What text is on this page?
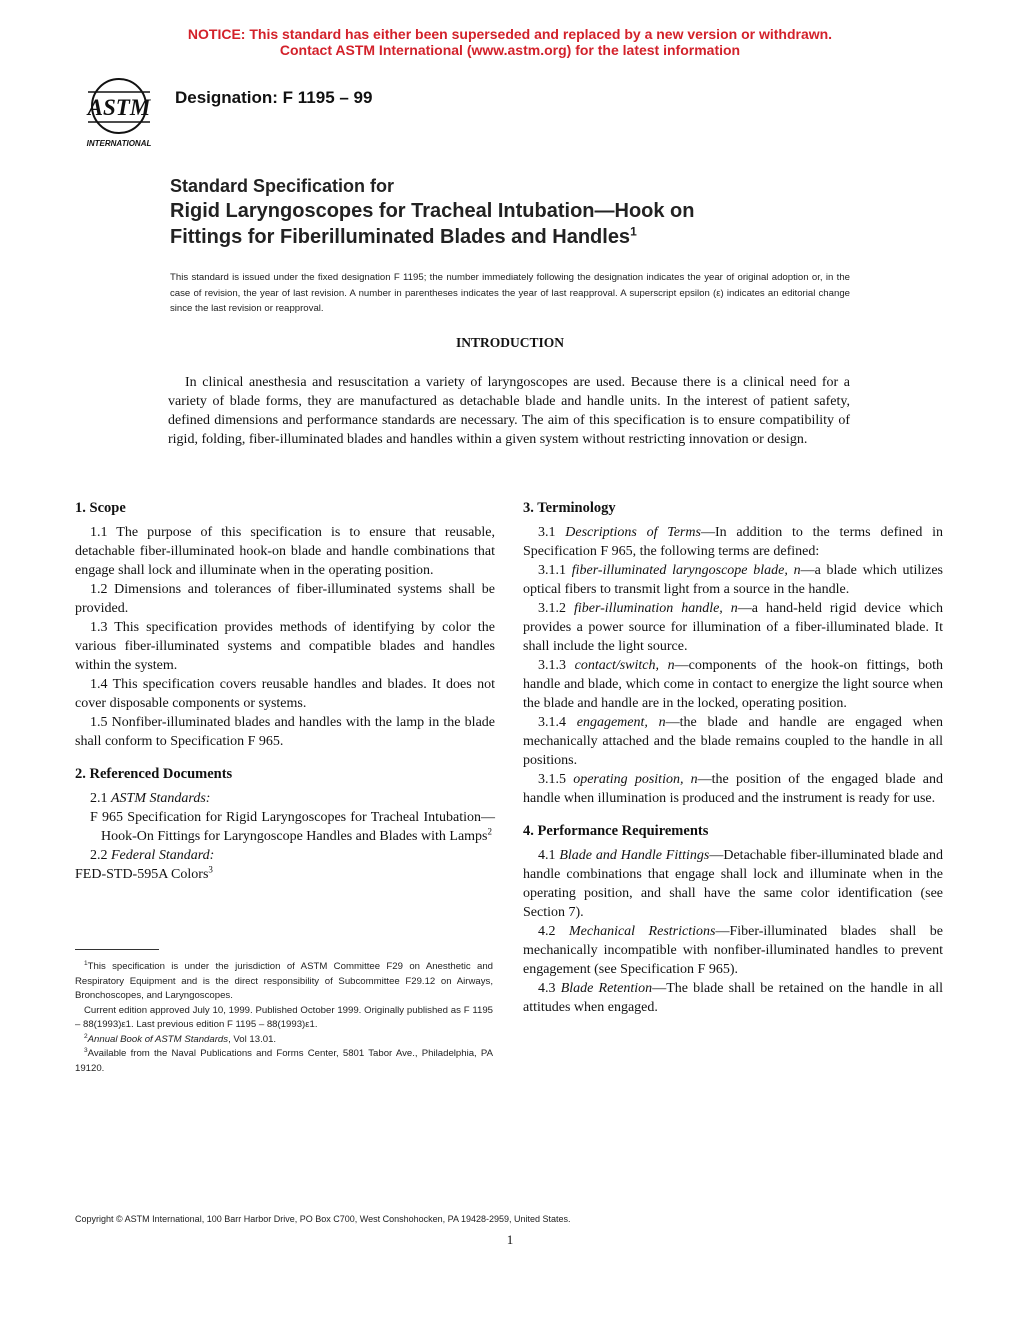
NOTICE: This standard has either been superseded and replaced by a new version or withdrawn.
Contact ASTM International (www.astm.org) for the latest information
ASTM
INTERNATIONAL
Designation: F 1195 – 99
Standard Specification for
Rigid Laryngoscopes for Tracheal Intubation—Hook on
Fittings for Fiberilluminated Blades and Handles$^1$
This standard is issued under the fixed designation F 1195; the number immediately following the designation indicates the year of original adoption or, in the case of revision, the year of last revision. A number in parentheses indicates the year of last reapproval. A superscript epsilon (ε) indicates an editorial change since the last revision or reapproval.
INTRODUCTION
In clinical anesthesia and resuscitation a variety of laryngoscopes are used. Because there is a clinical need for a variety of blade forms, they are manufactured as detachable blade and handle units. In the interest of patient safety, defined dimensions and performance standards are necessary. The aim of this specification is to ensure compatibility of rigid, folding, fiber-illuminated blades and handles within a given system without restricting innovation or design.
1. Scope

1.1 The purpose of this specification is to ensure that reusable, detachable fiber-illuminated hook-on blade and handle combinations that engage shall lock and illuminate when in the operating position.

1.2 Dimensions and tolerances of fiber-illuminated systems shall be provided.

1.3 This specification provides methods of identifying by color the various fiber-illuminated systems and compatible blades and handles within the system.

1.4 This specification covers reusable handles and blades. It does not cover disposable components or systems.

1.5 Nonfiber-illuminated blades and handles with the lamp in the blade shall conform to Specification F 965.

2. Referenced Documents

2.1 ASTM Standards:

F 965 Specification for Rigid Laryngoscopes for Tracheal Intubation—Hook-On Fittings for Laryngoscope Handles and Blades with Lamps$^2$

2.2 Federal Standard:

FED-STD-595A Colors$^3$

3. Terminology

3.1 Descriptions of Terms—In addition to the terms defined in Specification F 965, the following terms are defined:

3.1.1 fiber-illuminated laryngoscope blade, n—a blade which utilizes optical fibers to transmit light from a source in the handle.

3.1.2 fiber-illumination handle, n—a hand-held rigid device which provides a power source for illumination of a fiber-illuminated blade. It shall include the light source.

3.1.3 contact/switch, n—components of the hook-on fittings, both handle and blade, which come in contact to energize the light source when the blade and handle are in the locked, operating position.

3.1.4 engagement, n—the blade and handle are engaged when mechanically attached and the blade remains coupled to the handle in all positions.

3.1.5 operating position, n—the position of the engaged blade and handle when illumination is produced and the instrument is ready for use.

4. Performance Requirements

4.1 Blade and Handle Fittings—Detachable fiber-illuminated blade and handle combinations that engage shall lock and illuminate when in the operating position, and shall have the same color identification (see Section 7).

4.2 Mechanical Restrictions—Fiber-illuminated blades shall be mechanically incompatible with nonfiber-illuminated handles to prevent engagement (see Specification F 965).

4.3 Blade Retention—The blade shall be retained on the handle in all attitudes when engaged.

$^1$This specification is under the jurisdiction of ASTM Committee F29 on Anesthetic and Respiratory Equipment and is the direct responsibility of Subcommittee F29.12 on Airways, Bronchoscopes, and Laryngoscopes.

Current edition approved July 10, 1999. Published October 1999. Originally published as F 1195 – 88(1993)ε1. Last previous edition F 1195 – 88(1993)ε1.

$^2$Annual Book of ASTM Standards, Vol 13.01.

$^3$Available from the Naval Publications and Forms Center, 5801 Tabor Ave., Philadelphia, PA 19120.

Copyright © ASTM International, 100 Barr Harbor Drive, PO Box C700, West Conshohocken, PA 19428-2959, United States.
1
